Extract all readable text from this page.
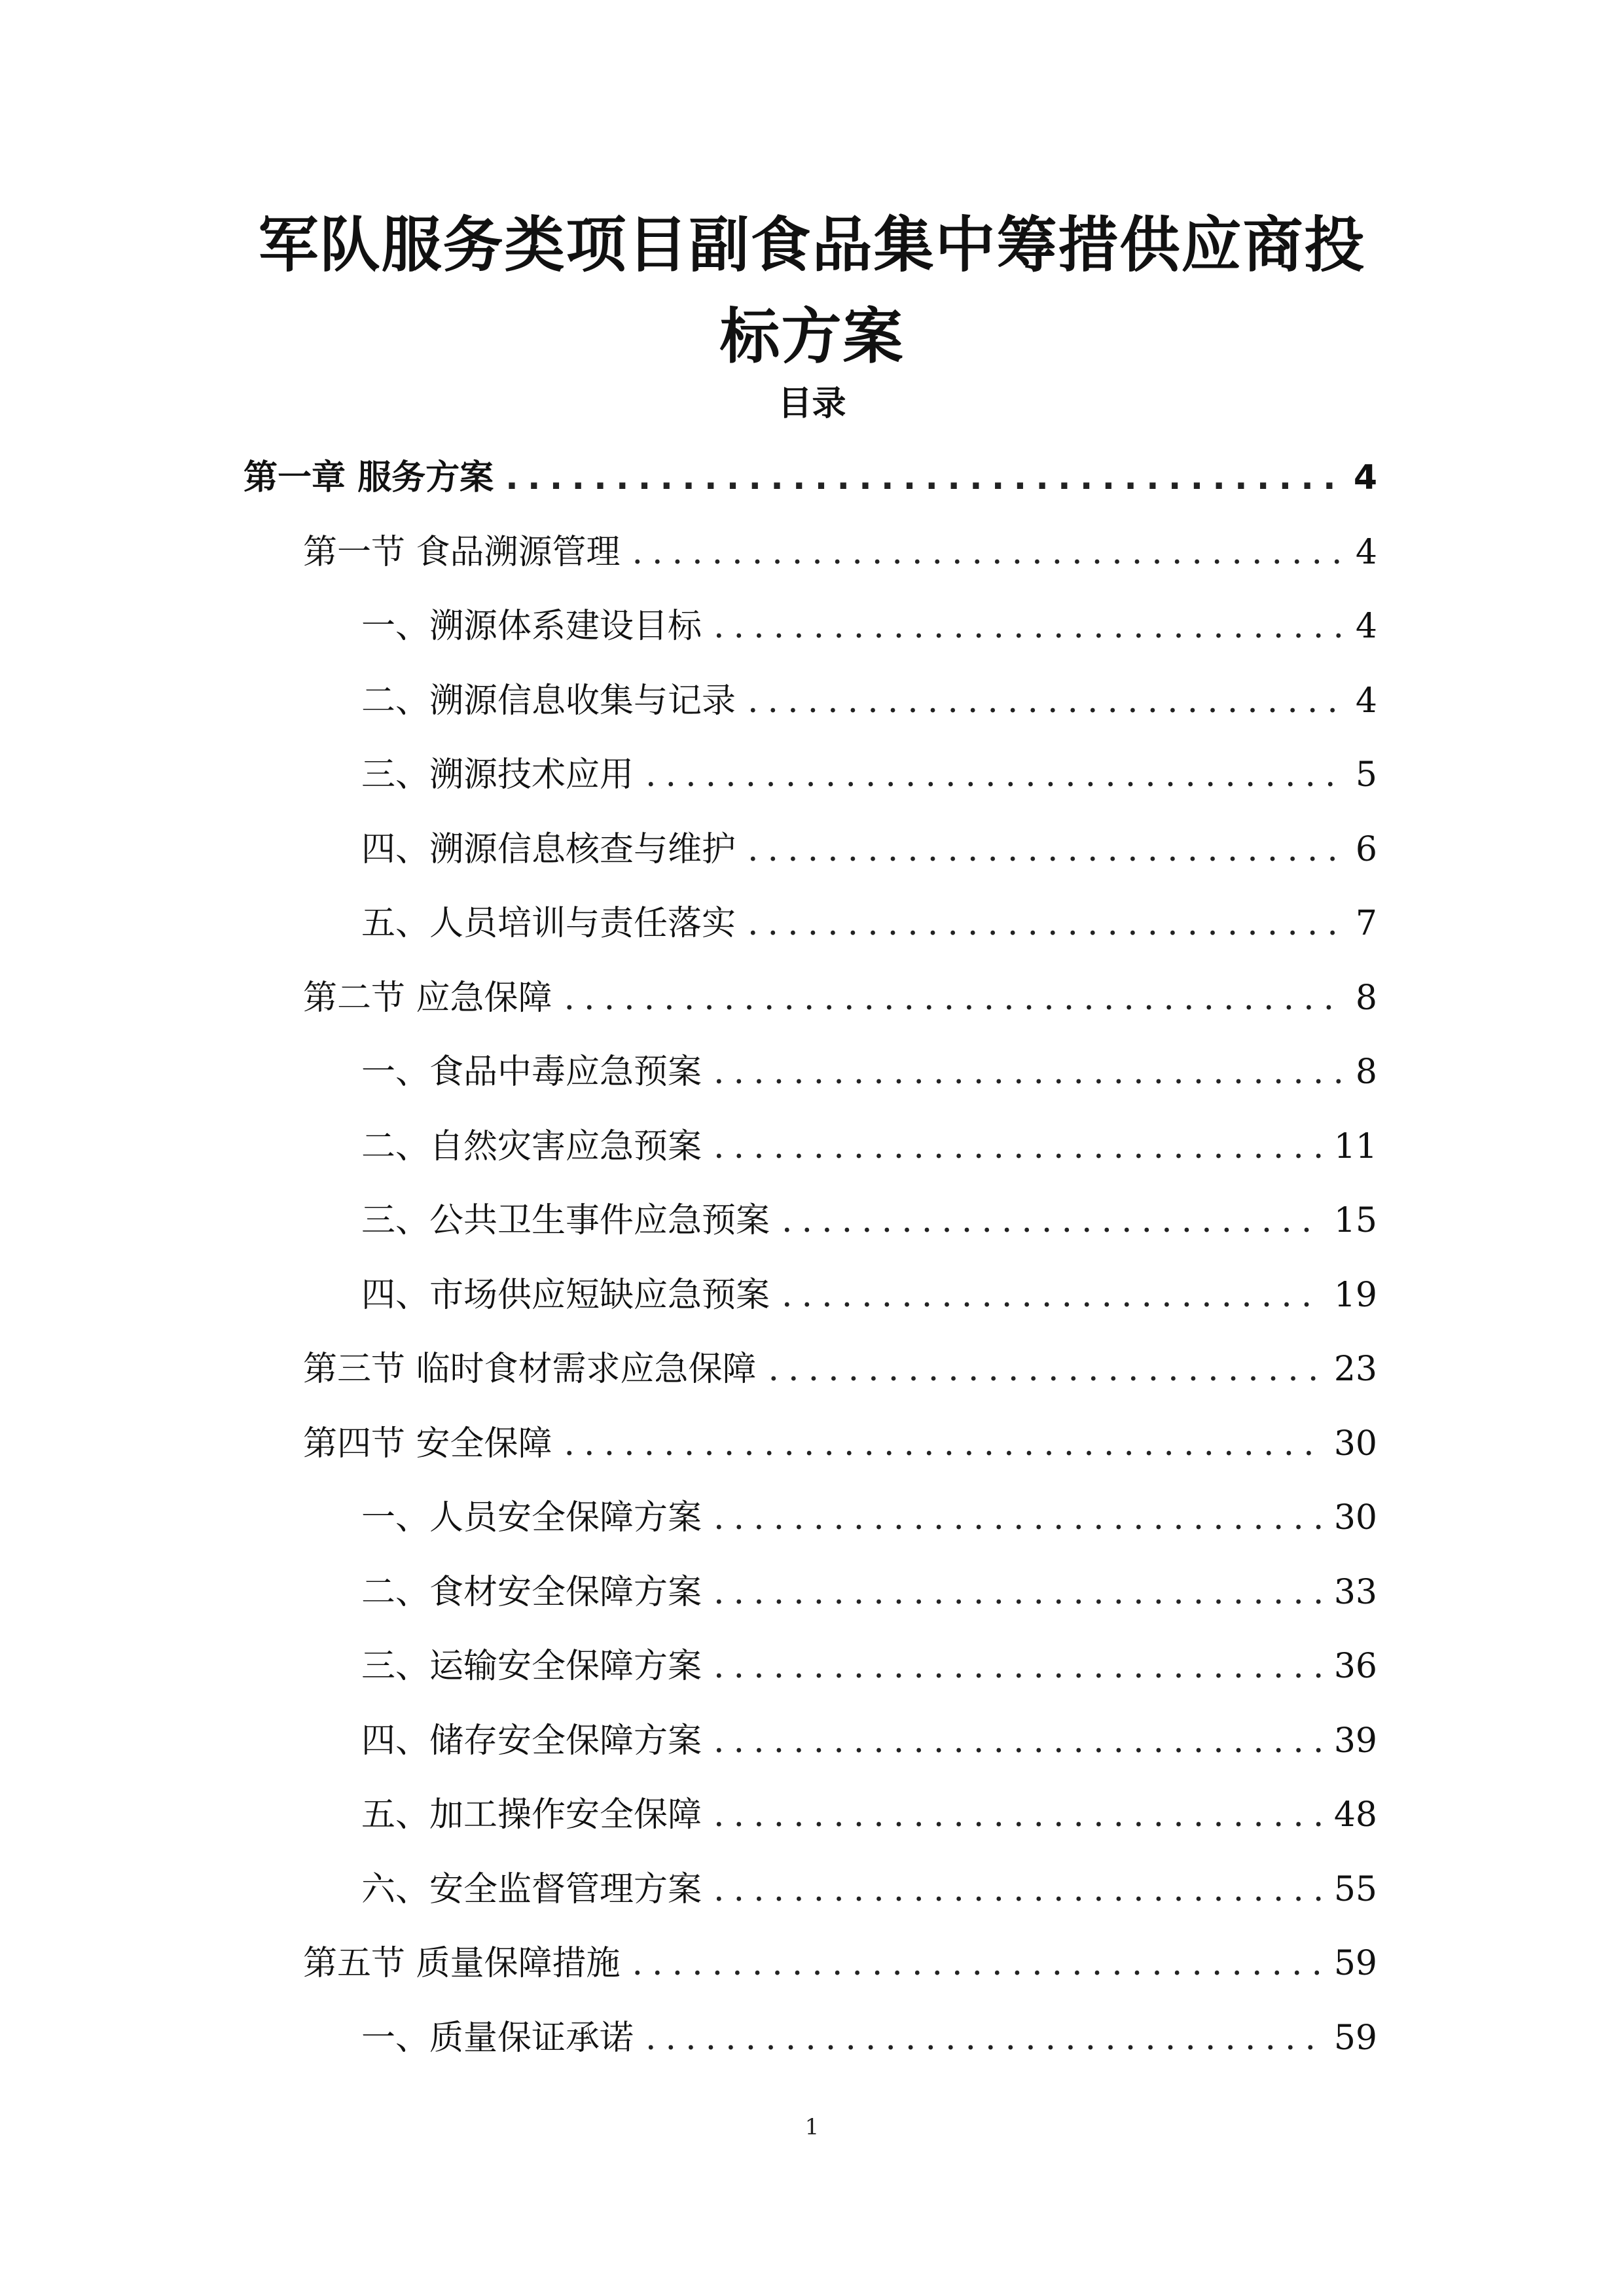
军队服务类项目副食品集中筹措供应商投标方案
目录
第一章 服务方案 .....	4
第一节 食品溯源管理 .....	4
一、 溯源体系建设目标 .....	4
二、 溯源信息收集与记录 .....	4
三、 溯源技术应用 .....	5
四、 溯源信息核查与维护 .....	6
五、 人员培训与责任落实 .....	7
第二节 应急保障 .....	8
一、 食品中毒应急预案 .....	8
二、 自然灾害应急预案 .....	11
三、 公共卫生事件应急预案 .....	15
四、 市场供应短缺应急预案 .....	19
第三节 临时食材需求应急保障 .....	23
第四节 安全保障 .....	30
一、 人员安全保障方案 .....	30
二、 食材安全保障方案 .....	33
三、 运输安全保障方案 .....	36
四、 储存安全保障方案 .....	39
五、 加工操作安全保障 .....	48
六、 安全监督管理方案 .....	55
第五节 质量保障措施 .....	59
一、 质量保证承诺 .....	59
1
